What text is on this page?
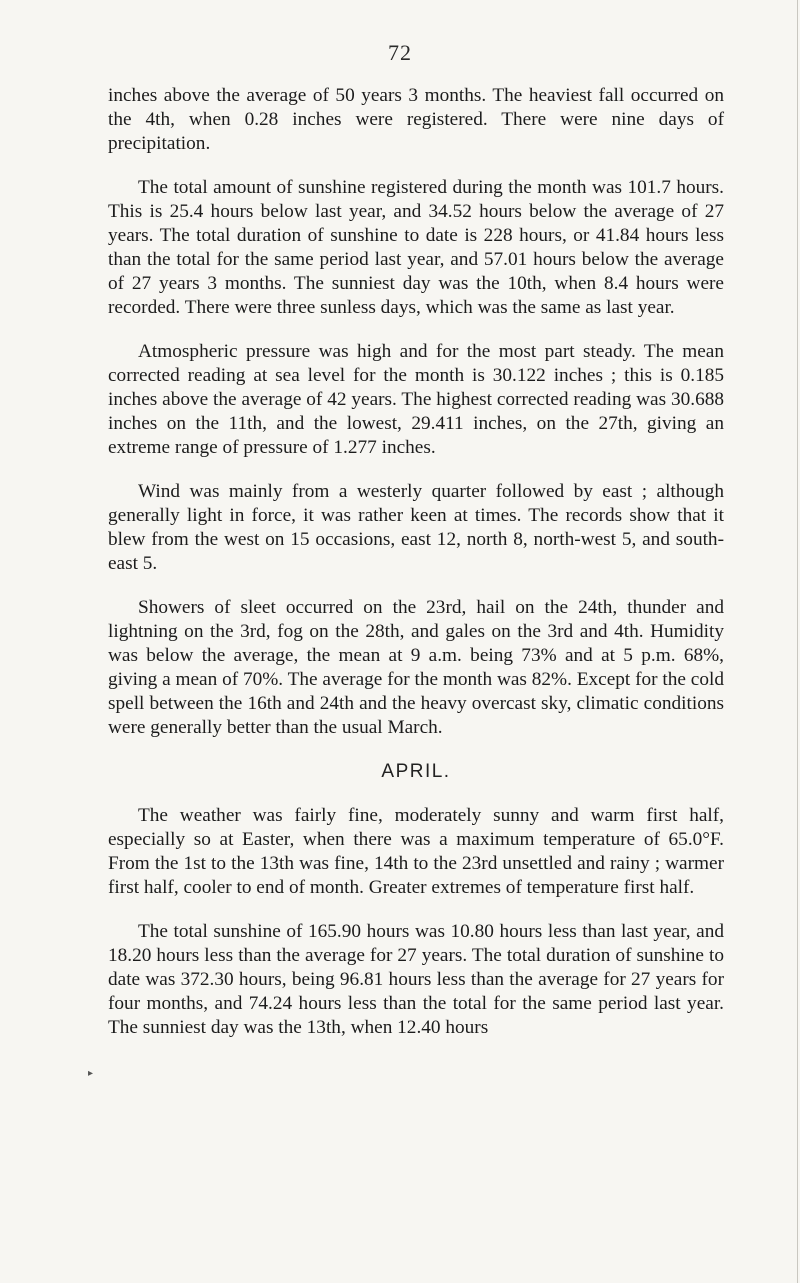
72

inches above the average of 50 years 3 months. The heaviest fall occurred on the 4th, when 0.28 inches were registered. There were nine days of precipitation.

The total amount of sunshine registered during the month was 101.7 hours. This is 25.4 hours below last year, and 34.52 hours below the average of 27 years. The total duration of sunshine to date is 228 hours, or 41.84 hours less than the total for the same period last year, and 57.01 hours below the average of 27 years 3 months. The sunniest day was the 10th, when 8.4 hours were recorded. There were three sunless days, which was the same as last year.

Atmospheric pressure was high and for the most part steady. The mean corrected reading at sea level for the month is 30.122 inches ; this is 0.185 inches above the average of 42 years. The highest corrected reading was 30.688 inches on the 11th, and the lowest, 29.411 inches, on the 27th, giving an extreme range of pressure of 1.277 inches.

Wind was mainly from a westerly quarter followed by east ; although generally light in force, it was rather keen at times. The records show that it blew from the west on 15 occasions, east 12, north 8, north-west 5, and south-east 5.

Showers of sleet occurred on the 23rd, hail on the 24th, thunder and lightning on the 3rd, fog on the 28th, and gales on the 3rd and 4th. Humidity was below the average, the mean at 9 a.m. being 73% and at 5 p.m. 68%, giving a mean of 70%. The average for the month was 82%. Except for the cold spell between the 16th and 24th and the heavy overcast sky, climatic conditions were generally better than the usual March.

APRIL.

The weather was fairly fine, moderately sunny and warm first half, especially so at Easter, when there was a maximum temperature of 65.0°F. From the 1st to the 13th was fine, 14th to the 23rd unsettled and rainy ; warmer first half, cooler to end of month. Greater extremes of temperature first half.

The total sunshine of 165.90 hours was 10.80 hours less than last year, and 18.20 hours less than the average for 27 years. The total duration of sunshine to date was 372.30 hours, being 96.81 hours less than the average for 27 years for four months, and 74.24 hours less than the total for the same period last year. The sunniest day was the 13th, when 12.40 hours

▸
